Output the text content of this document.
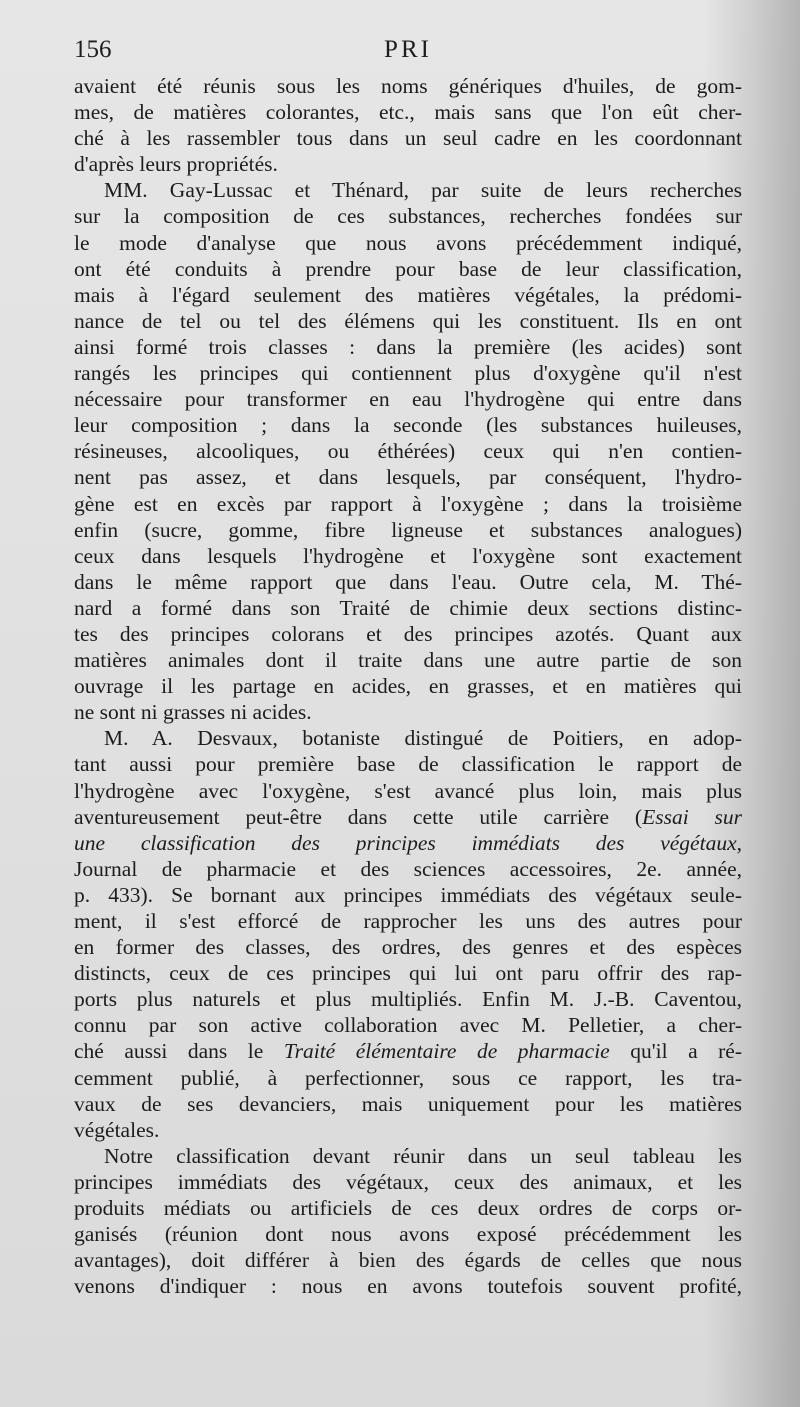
156	PRI
avaient été réunis sous les noms génériques d'huiles, de gom-
mes, de matières colorantes, etc., mais sans que l'on eût cher-
ché à les rassembler tous dans un seul cadre en les coordonnant
d'après leurs propriétés.
MM. Gay-Lussac et Thénard, par suite de leurs recherches
sur la composition de ces substances, recherches fondées sur
le mode d'analyse que nous avons précédemment indiqué,
ont été conduits à prendre pour base de leur classification,
mais à l'égard seulement des matières végétales, la prédomi-
nance de tel ou tel des élémens qui les constituent. Ils en ont
ainsi formé trois classes : dans la première (les acides) sont
rangés les principes qui contiennent plus d'oxygène qu'il n'est
nécessaire pour transformer en eau l'hydrogène qui entre dans
leur composition ; dans la seconde (les substances huileuses,
résineuses, alcooliques, ou éthérées) ceux qui n'en contien-
nent pas assez, et dans lesquels, par conséquent, l'hydro-
gène est en excès par rapport à l'oxygène ; dans la troisième
enfin (sucre, gomme, fibre ligneuse et substances analogues)
ceux dans lesquels l'hydrogène et l'oxygène sont exactement
dans le même rapport que dans l'eau. Outre cela, M. Thé-
nard a formé dans son Traité de chimie deux sections distinc-
tes des principes colorans et des principes azotés. Quant aux
matières animales dont il traite dans une autre partie de son
ouvrage il les partage en acides, en grasses, et en matières qui
ne sont ni grasses ni acides.
M. A. Desvaux, botaniste distingué de Poitiers, en adop-
tant aussi pour première base de classification le rapport de
l'hydrogène avec l'oxygène, s'est avancé plus loin, mais plus
aventureusement peut-être dans cette utile carrière (Essai sur
une classification des principes immédiats des végétaux,
Journal de pharmacie et des sciences accessoires, 2e. année,
p. 433). Se bornant aux principes immédiats des végétaux seule-
ment, il s'est efforcé de rapprocher les uns des autres pour
en former des classes, des ordres, des genres et des espèces
distincts, ceux de ces principes qui lui ont paru offrir des rap-
ports plus naturels et plus multipliés. Enfin M. J.-B. Caventou,
connu par son active collaboration avec M. Pelletier, a cher-
ché aussi dans le Traité élémentaire de pharmacie qu'il a ré-
cemment publié, à perfectionner, sous ce rapport, les tra-
vaux de ses devanciers, mais uniquement pour les matières
végétales.
Notre classification devant réunir dans un seul tableau les
principes immédiats des végétaux, ceux des animaux, et les
produits médiats ou artificiels de ces deux ordres de corps or-
ganisés (réunion dont nous avons exposé précédemment les
avantages), doit différer à bien des égards de celles que nous
venons d'indiquer : nous en avons toutefois souvent profité,
